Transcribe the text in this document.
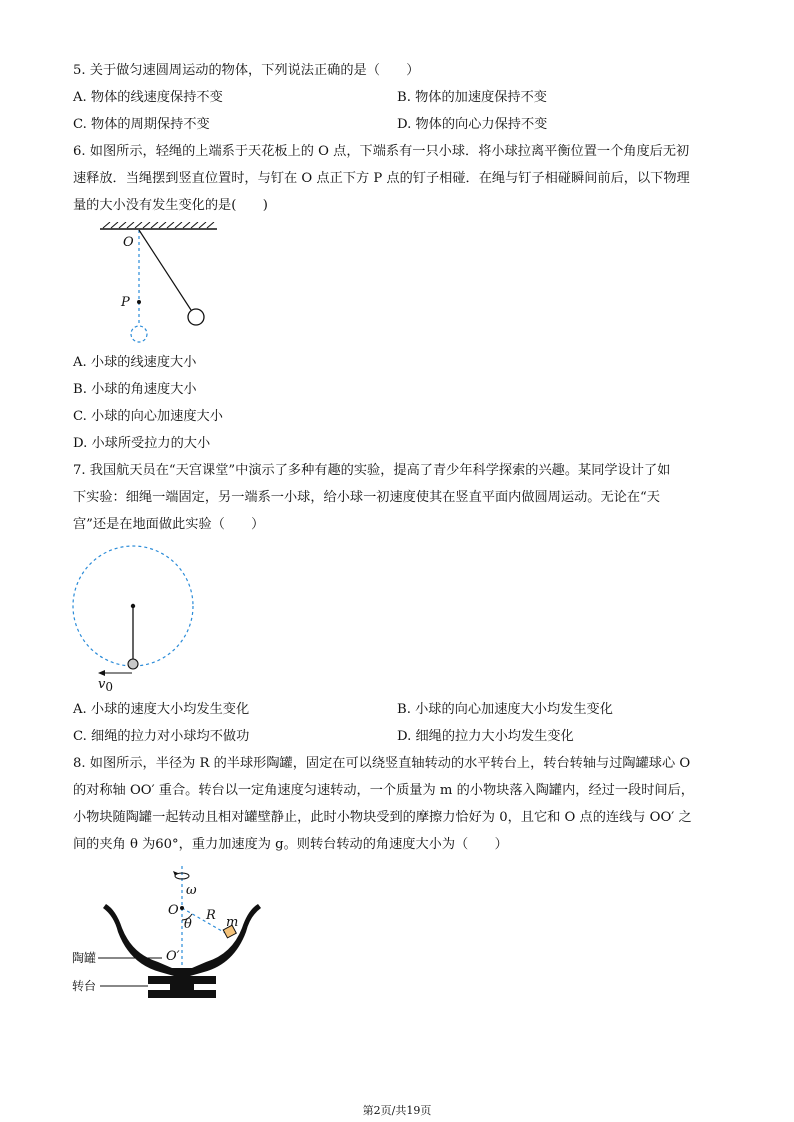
5. 关于做匀速圆周运动的物体，下列说法正确的是（　　）
A. 物体的线速度保持不变	B. 物体的加速度保持不变
C. 物体的周期保持不变	D. 物体的向心力保持不变
6. 如图所示，轻绳的上端系于天花板上的 O 点，下端系有一只小球．将小球拉离平衡位置一个角度后无初
速释放．当绳摆到竖直位置时，与钉在 O 点正下方 P 点的钉子相碰．在绳与钉子相碰瞬间前后，以下物理
量的大小没有发生变化的是(　　)
O
P
A. 小球的线速度大小
B. 小球的角速度大小
C. 小球的向心加速度大小
D. 小球所受拉力的大小
7. 我国航天员在“天宫课堂”中演示了多种有趣的实验，提高了青少年科学探索的兴趣。某同学设计了如
下实验：细绳一端固定，另一端系一小球，给小球一初速度使其在竖直平面内做圆周运动。无论在“天
宫”还是在地面做此实验（　　）
v0
A. 小球的速度大小均发生变化	B. 小球的向心加速度大小均发生变化
C. 细绳的拉力对小球均不做功	D. 细绳的拉力大小均发生变化
8. 如图所示，半径为 R 的半球形陶罐，固定在可以绕竖直轴转动的水平转台上，转台转轴与过陶罐球心 O
的对称轴 OO′ 重合。转台以一定角速度匀速转动，一个质量为 m 的小物块落入陶罐内，经过一段时间后，
小物块随陶罐一起转动且相对罐壁静止，此时小物块受到的摩擦力恰好为 0，且它和 O 点的连线与 OO′ 之
间的夹角 θ 为60°，重力加速度为 g。则转台转动的角速度大小为（　　）
ω
O
θ
R m
O′
陶罐
转台
第2页/共19页
